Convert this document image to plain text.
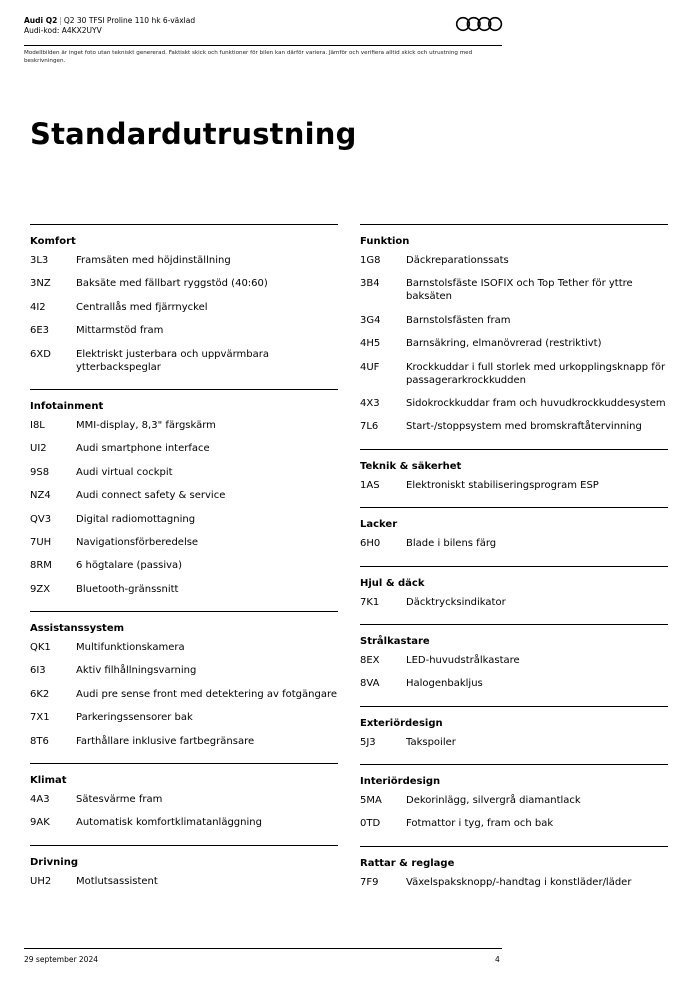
Audi Q2 | Q2 30 TFSI Proline 110 hk 6-växlad
Audi-kod: A4KX2UYV
Modellbilden är inget foto utan tekniskt genererad. Faktiskt skick och funktioner för bilen kan därför variera. Jämför och verifiera alltid skick och utrustning med beskrivningen.
Standardutrustning
Komfort
3L3	Framsäten med höjdinställning
3NZ	Baksäte med fällbart ryggstöd (40:60)
4I2	Centrallås med fjärrnyckel
6E3	Mittarmstöd fram
6XD	Elektriskt justerbara och uppvärmbara ytterbackspeglar
Infotainment
I8L	MMI-display, 8,3" färgskärm
UI2	Audi smartphone interface
9S8	Audi virtual cockpit
NZ4	Audi connect safety & service
QV3	Digital radiomottagning
7UH	Navigationsförberedelse
8RM	6 högtalare (passiva)
9ZX	Bluetooth-gränssnitt
Assistanssystem
QK1	Multifunktionskamera
6I3	Aktiv filhållningsvarning
6K2	Audi pre sense front med detektering av fotgängare
7X1	Parkeringssensorer bak
8T6	Farthållare inklusive fartbegränsare
Klimat
4A3	Sätesvärme fram
9AK	Automatisk komfortklimatanläggning
Drivning
UH2	Motlutsassistent
Funktion
1G8	Däckreparationssats
3B4	Barnstolsfäste ISOFIX och Top Tether för yttre baksäten
3G4	Barnstolsfästen fram
4H5	Barnsäkring, elmanövrerad (restriktivt)
4UF	Krockkuddar i full storlek med urkopplingsknapp för passagerarkrockkudden
4X3	Sidokrockkuddar fram och huvudkrockkuddesystem
7L6	Start-/stoppsystem med bromskraftåtervinning
Teknik & säkerhet
1AS	Elektroniskt stabiliseringsprogram ESP
Lacker
6H0	Blade i bilens färg
Hjul & däck
7K1	Däcktrycksindikator
Strålkastare
8EX	LED-huvudstrålkastare
8VA	Halogenbakljus
Exteriördesign
5J3	Takspoiler
Interiördesign
5MA	Dekorinlägg, silvergrå diamantlack
0TD	Fotmattor i tyg, fram och bak
Rattar & reglage
7F9	Växelspaksknopp/-handtag i konstläder/läder
29 september 2024	4
